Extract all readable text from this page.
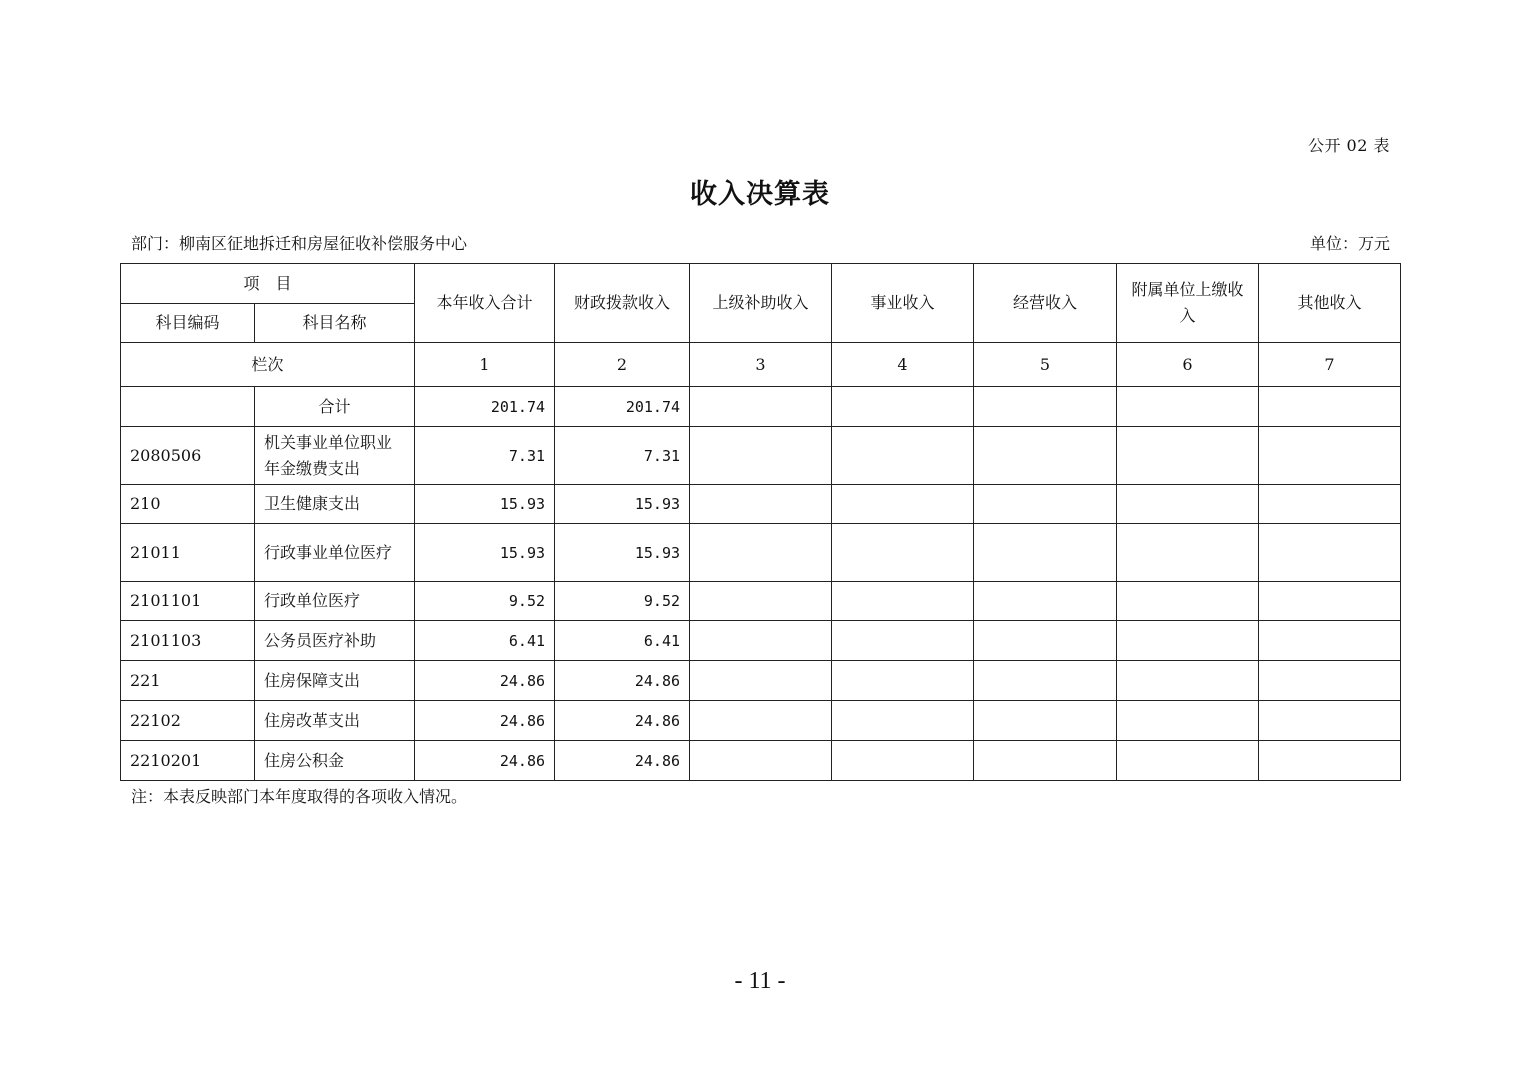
公开 02 表
收入决算表
部门：柳南区征地拆迁和房屋征收补偿服务中心	单位：万元
项　目		本年收入合计	财政拨款收入	上级补助收入	事业收入	经营收入	附属单位上缴收入	其他收入
科目编码	科目名称							
栏次		1	2	3	4	5	6	7
	合计	201.74	201.74					
2080506	机关事业单位职业年金缴费支出	7.31	7.31					
210	卫生健康支出	15.93	15.93					
21011	行政事业单位医疗	15.93	15.93					
2101101	行政单位医疗	9.52	9.52					
2101103	公务员医疗补助	6.41	6.41					
221	住房保障支出	24.86	24.86					
22102	住房改革支出	24.86	24.86					
2210201	住房公积金	24.86	24.86					
注：本表反映部门本年度取得的各项收入情况。
- 11 -
